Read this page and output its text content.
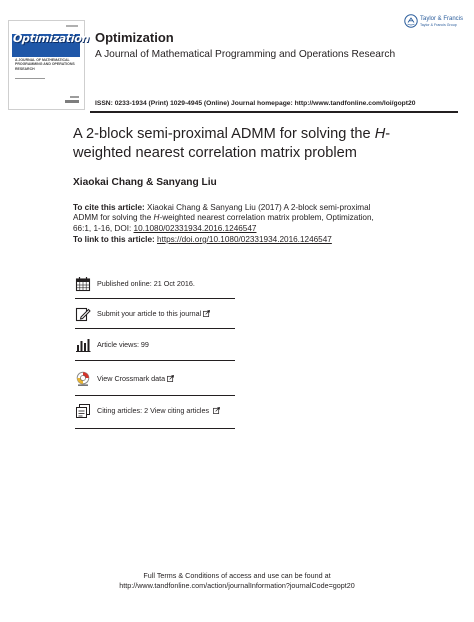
Optimization
A JOURNAL OF MATHEMATICAL PROGRAMMING AND OPERATIONS RESEARCH
Optimization
A Journal of Mathematical Programming and Operations Research
ISSN: 0233-1934 (Print) 1029-4945 (Online) Journal homepage: http://www.tandfonline.com/loi/gopt20
Taylor & Francis
Taylor & Francis Group
A 2-block semi-proximal ADMM for solving the H-weighted nearest correlation matrix problem
Xiaokai Chang & Sanyang Liu
To cite this article: Xiaokai Chang & Sanyang Liu (2017) A 2-block semi-proximal ADMM for solving the H-weighted nearest correlation matrix problem, Optimization, 66:1, 1-16, DOI: 10.1080/02331934.2016.1246547
To link to this article: https://doi.org/10.1080/02331934.2016.1246547
Published online: 21 Oct 2016.
Submit your article to this journal
Article views: 99
View Crossmark data
Citing articles: 2 View citing articles
Full Terms & Conditions of access and use can be found at
http://www.tandfonline.com/action/journalInformation?journalCode=gopt20
